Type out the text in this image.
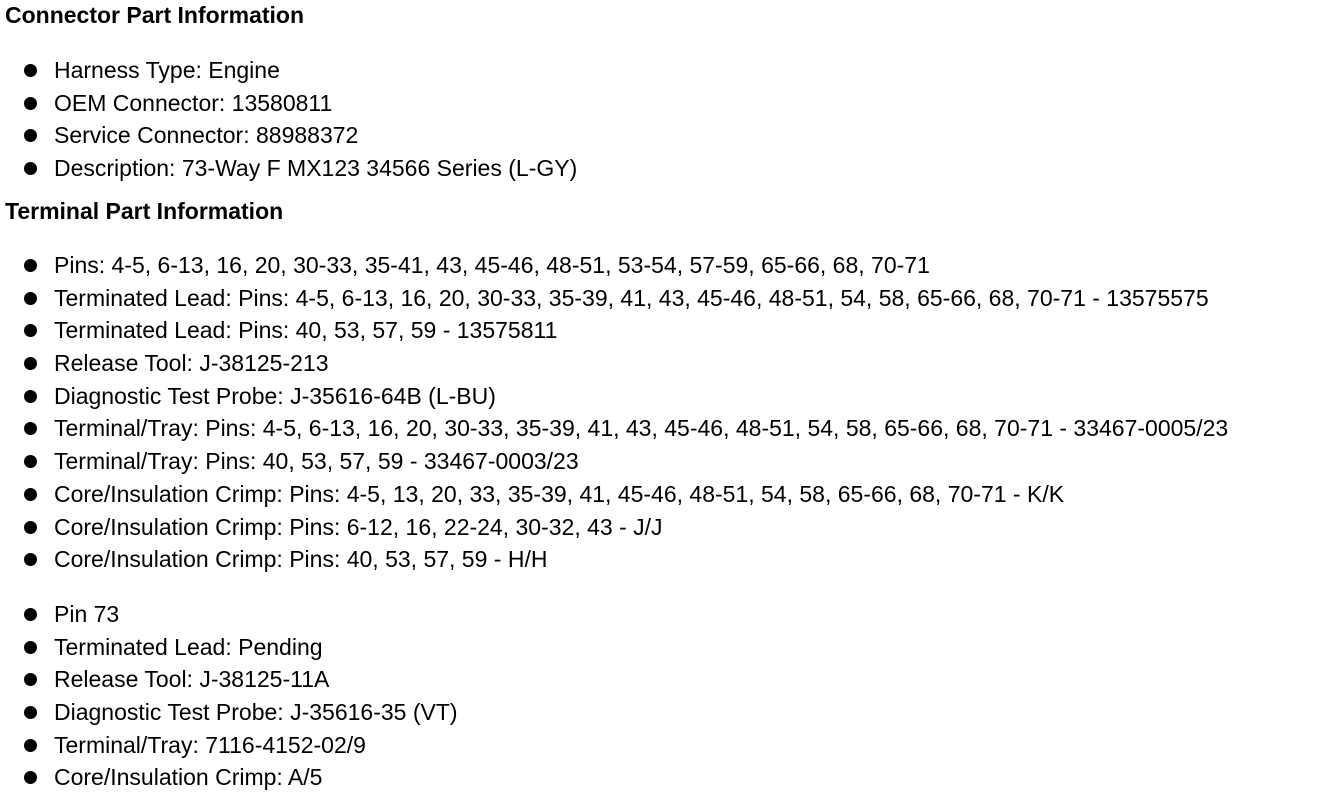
Connector Part Information
Harness Type: Engine
OEM Connector: 13580811
Service Connector: 88988372
Description: 73-Way F MX123 34566 Series (L-GY)
Terminal Part Information
Pins: 4-5, 6-13, 16, 20, 30-33, 35-41, 43, 45-46, 48-51, 53-54, 57-59, 65-66, 68, 70-71
Terminated Lead: Pins: 4-5, 6-13, 16, 20, 30-33, 35-39, 41, 43, 45-46, 48-51, 54, 58, 65-66, 68, 70-71 - 13575575
Terminated Lead: Pins: 40, 53, 57, 59 - 13575811
Release Tool: J-38125-213
Diagnostic Test Probe: J-35616-64B (L-BU)
Terminal/Tray: Pins: 4-5, 6-13, 16, 20, 30-33, 35-39, 41, 43, 45-46, 48-51, 54, 58, 65-66, 68, 70-71 - 33467-0005/23
Terminal/Tray: Pins: 40, 53, 57, 59 - 33467-0003/23
Core/Insulation Crimp: Pins: 4-5, 13, 20, 33, 35-39, 41, 45-46, 48-51, 54, 58, 65-66, 68, 70-71 - K/K
Core/Insulation Crimp: Pins: 6-12, 16, 22-24, 30-32, 43 - J/J
Core/Insulation Crimp: Pins: 40, 53, 57, 59 - H/H
Pin 73
Terminated Lead: Pending
Release Tool: J-38125-11A
Diagnostic Test Probe: J-35616-35 (VT)
Terminal/Tray: 7116-4152-02/9
Core/Insulation Crimp: A/5
